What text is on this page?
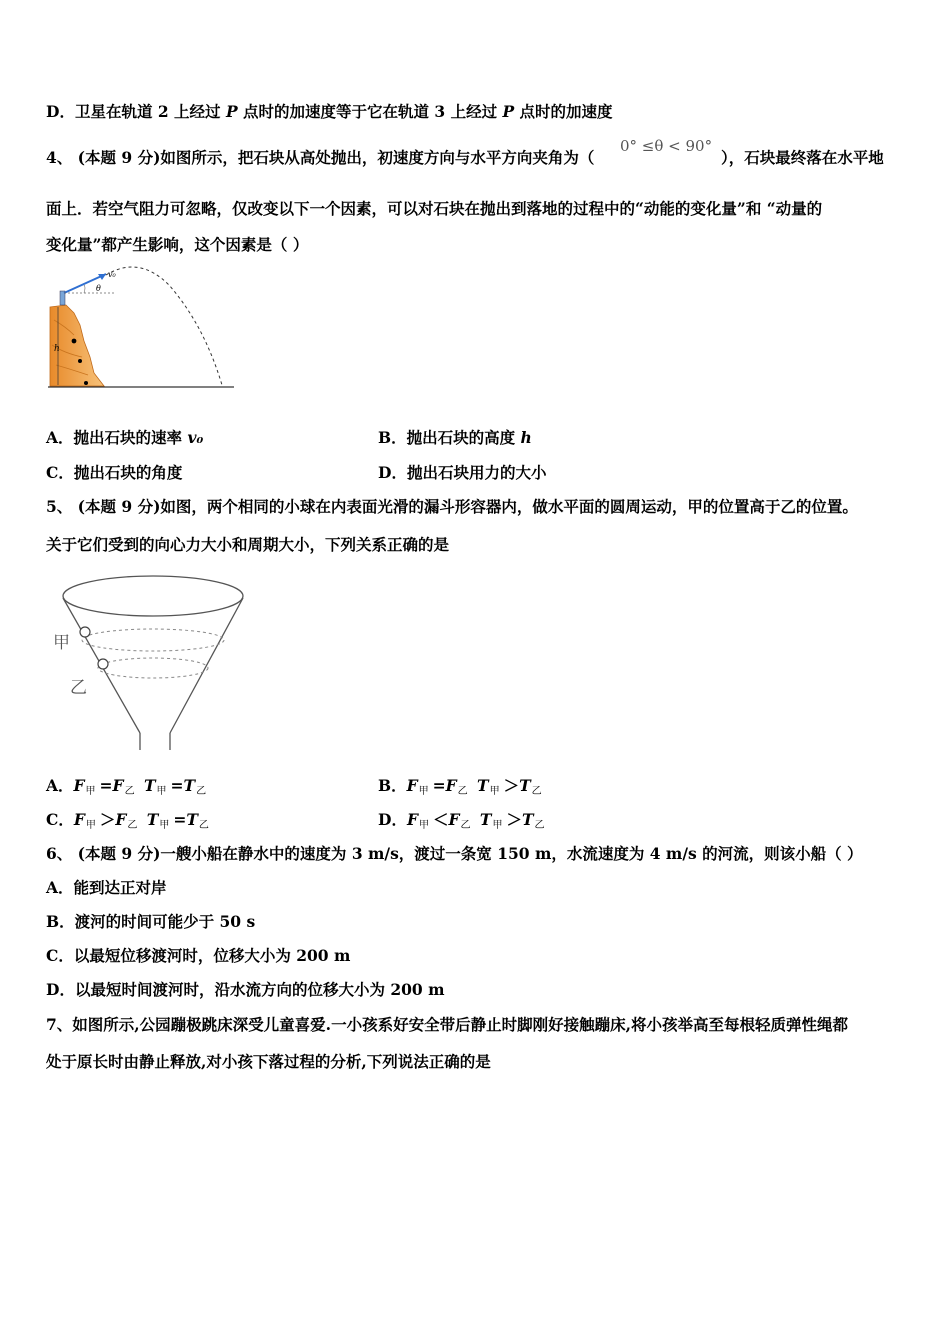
D．卫星在轨道 2 上经过 P 点时的加速度等于它在轨道 3 上经过 P 点时的加速度
4、 (本题 9 分)如图所示，把石块从高处抛出，初速度方向与水平方向夹角为（
0° ≤θ < 90°
），石块最终落在水平地
面上．若空气阻力可忽略，仅改变以下一个因素，可以对石块在抛出到落地的过程中的“动能的变化量”和 “动量的
变化量”都产生影响，这个因素是（ ）
h
v₀
θ
A．抛出石块的速率 v₀	B．抛出石块的高度 h
C．抛出石块的角度	D．抛出石块用力的大小
5、 (本题 9 分)如图，两个相同的小球在内表面光滑的漏斗形容器内，做水平面的圆周运动，甲的位置高于乙的位置。
关于它们受到的向心力大小和周期大小，下列关系正确的是
甲
乙
A．$F_甲 =F_乙$ $T_甲 =T_乙$	B．$F_甲 =F_乙$ $T_甲 >T_乙$
C．$F_甲 >F_乙$ $T_甲 =T_乙$	D．$F_甲 <F_乙$ $T_甲 >T_乙$
6、 (本题 9 分)一艘小船在静水中的速度为 3 m/s，渡过一条宽 150 m，水流速度为 4 m/s 的河流，则该小船（ ）
A．能到达正对岸
B．渡河的时间可能少于 50 s
C．以最短位移渡河时，位移大小为 200 m
D．以最短时间渡河时，沿水流方向的位移大小为 200 m
7、如图所示,公园蹦极跳床深受儿童喜爱.一小孩系好安全带后静止时脚刚好接触蹦床,将小孩举高至每根轻质弹性绳都
处于原长时由静止释放,对小孩下落过程的分析,下列说法正确的是
